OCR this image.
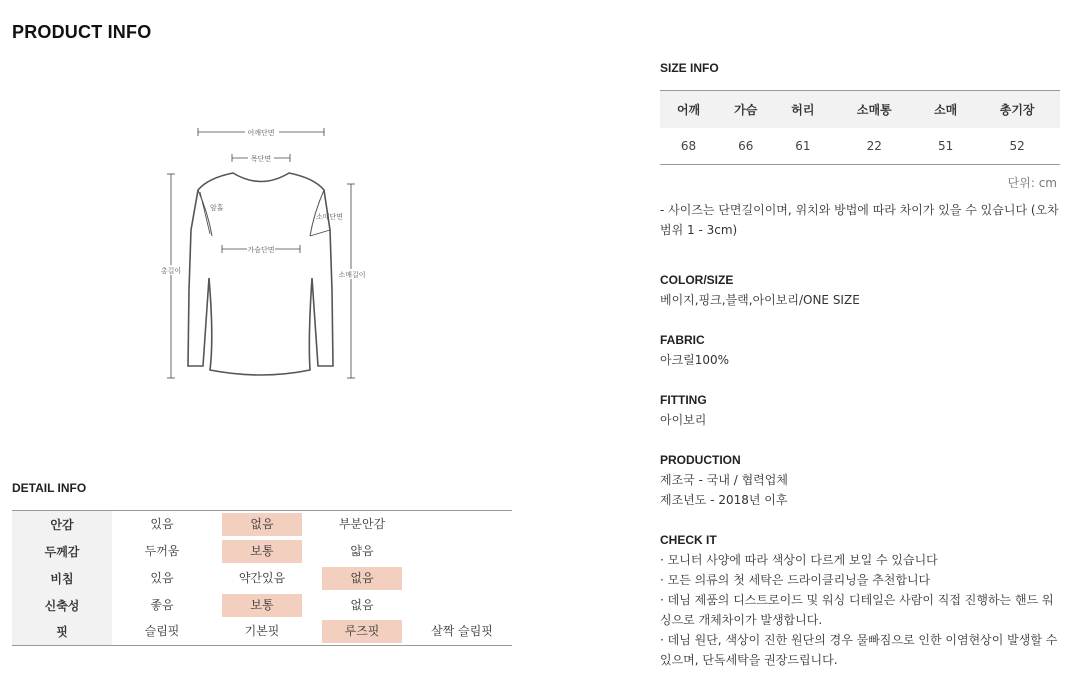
PRODUCT INFO
어깨단면
목단면
암홀
소매단면
가슴단면
총길이	소매길이
DETAIL INFO
안감	있음	없음	부분안감	
두께감	두꺼움	보통	얇음	
비침	있음	약간있음	없음	
신축성	좋음	보통	없음	
핏	슬림핏	기본핏	루즈핏	살짝 슬림핏
SIZE INFO
어깨	가슴	허리	소매통	소매	총기장
68	66	61	22	51	52
단위: cm
- 사이즈는 단면길이이며, 위치와 방법에 따라 차이가 있을 수 있습니다 (오차범위 1 - 3cm)
COLOR/SIZE
베이지,핑크,블랙,아이보리/ONE SIZE
FABRIC
아크릴100%
FITTING
아이보리
PRODUCTION
제조국 - 국내 / 협력업체
제조년도 - 2018년 이후
CHECK IT
· 모니터 사양에 따라 색상이 다르게 보일 수 있습니다
· 모든 의류의 첫 세탁은 드라이클리닝을 추천합니다
· 데님 제품의 디스트로이드 및 워싱 디테일은 사람이 직접 진행하는 핸드 워싱으로 개체차이가 발생합니다.
· 데님 원단, 색상이 진한 원단의 경우 물빠짐으로 인한 이염현상이 발생할 수 있으며, 단독세탁을 권장드립니다.
